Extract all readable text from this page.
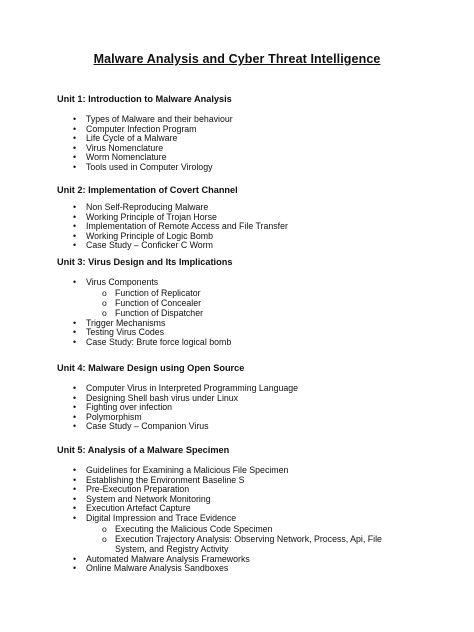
Malware Analysis and Cyber Threat Intelligence

Unit 1: Introduction to Malware Analysis

• Types of Malware and their behaviour
• Computer Infection Program
• Life Cycle of a Malware
• Virus Nomenclature
• Worm Nomenclature
• Tools used in Computer Virology

Unit 2: Implementation of Covert Channel

• Non Self-Reproducing Malware
• Working Principle of Trojan Horse
• Implementation of Remote Access and File Transfer
• Working Principle of Logic Bomb
• Case Study – Conficker C Worm

Unit 3: Virus Design and Its Implications

• Virus Components
o Function of Replicator
o Function of Concealer
o Function of Dispatcher
• Trigger Mechanisms
• Testing Virus Codes
• Case Study: Brute force logical bomb

Unit 4: Malware Design using Open Source

• Computer Virus in Interpreted Programming Language
• Designing Shell bash virus under Linux
• Fighting over infection
• Polymorphism
• Case Study – Companion Virus

Unit 5: Analysis of a Malware Specimen

• Guidelines for Examining a Malicious File Specimen
• Establishing the Environment Baseline S
• Pre-Execution Preparation
• System and Network Monitoring
• Execution Artefact Capture
• Digital Impression and Trace Evidence
o Executing the Malicious Code Specimen
o Execution Trajectory Analysis: Observing Network, Process, Api, File System, and Registry Activity
• Automated Malware Analysis Frameworks
• Online Malware Analysis Sandboxes
